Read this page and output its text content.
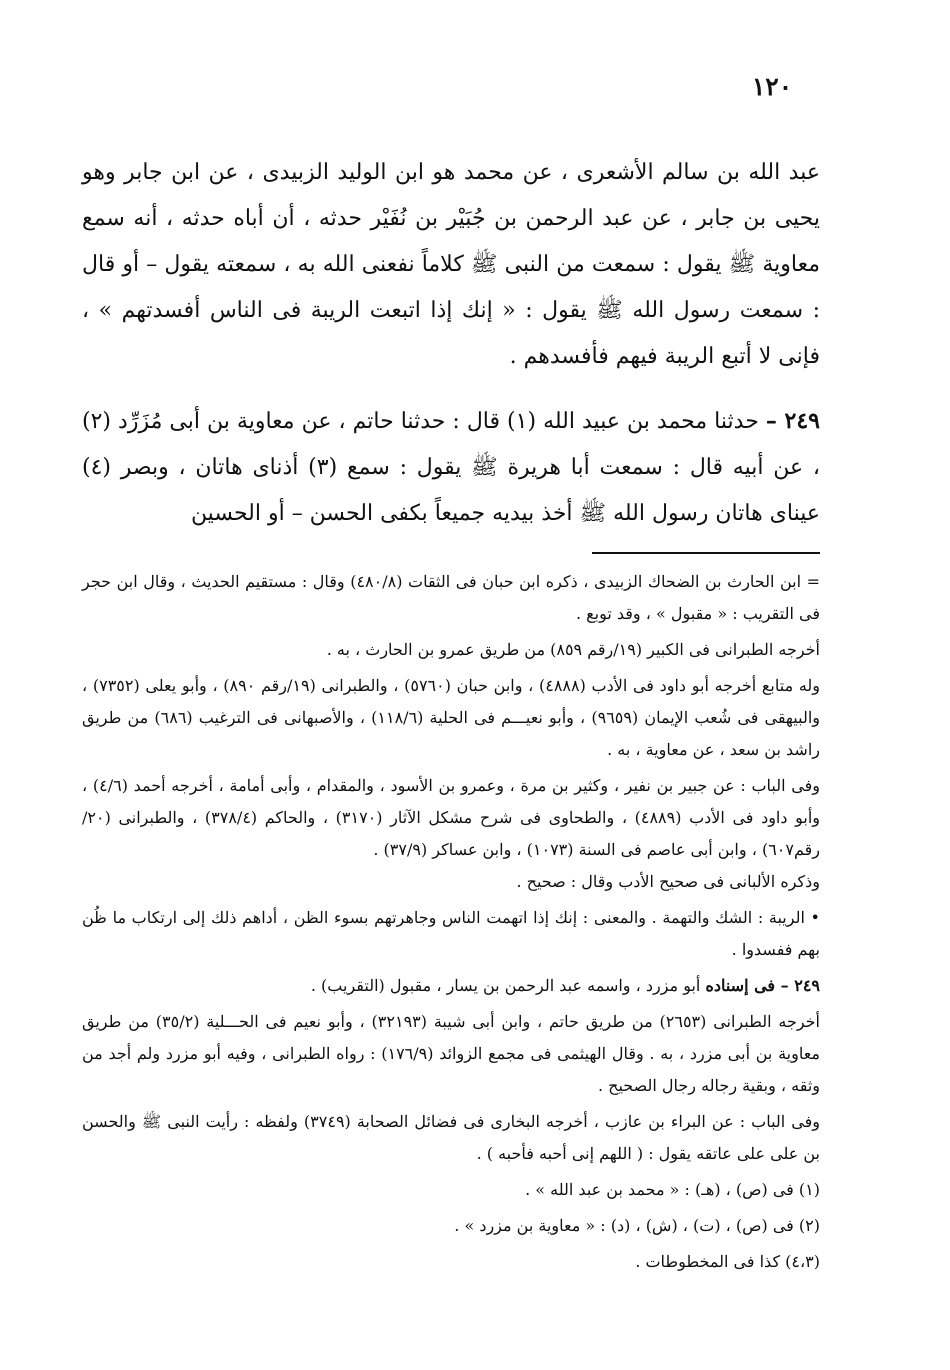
١٢٠

عبد الله بن سالم الأشعرى ، عن محمد هو ابن الوليد الزبيدى ، عن ابن جابر وهو يحيى بن جابر ، عن عبد الرحمن بن جُبَيْر بن نُفَيْر حدثه ، أن أباه حدثه ، أنه سمع معاوية ﷺ يقول : سمعت من النبى ﷺ كلاماً نفعنى الله به ، سمعته يقول – أو قال : سمعت رسول الله ﷺ يقول : « إنك إذا اتبعت الريبة فى الناس أفسدتهم » ، فإنى لا أتبع الريبة فيهم فأفسدهم .

٢٤٩ – حدثنا محمد بن عبيد الله (١) قال : حدثنا حاتم ، عن معاوية بن أبى مُزَرِّد (٢) ، عن أبيه قال : سمعت أبا هريرة ﷺ يقول : سمع (٣) أذناى هاتان ، وبصر (٤) عيناى هاتان رسول الله ﷺ أخذ بيديه جميعاً بكفى الحسن – أو الحسين

= ابن الحارث بن الضحاك الزبيدى ، ذكره ابن حبان فى الثقات (٤٨٠/٨) وقال : مستقيم الحديث ، وقال ابن حجر فى التقريب : « مقبول » ، وقد توبع .

أخرجه الطبرانى فى الكبير (١٩/رقم ٨٥٩) من طريق عمرو بن الحارث ، به .

وله متابع أخرجه أبو داود فى الأدب (٤٨٨٨) ، وابن حبان (٥٧٦٠) ، والطبرانى (١٩/رقم ٨٩٠) ، وأبو يعلى (٧٣٥٢) ، والبيهقى فى شُعب الإيمان (٩٦٥٩) ، وأبو نعيـــم فى الحلية (١١٨/٦) ، والأصبهانى فى الترغيب (٦٨٦) من طريق راشد بن سعد ، عن معاوية ، به .

وفى الباب : عن جبير بن نفير ، وكثير بن مرة ، وعمرو بن الأسود ، والمقدام ، وأبى أمامة ، أخرجه أحمد (٤/٦) ، وأبو داود فى الأدب (٤٨٨٩) ، والطحاوى فى شرح مشكل الآثار (٣١٧٠) ، والحاكم (٣٧٨/٤) ، والطبرانى (٢٠/رقم٦٠٧) ، وابن أبى عاصم فى السنة (١٠٧٣) ، وابن عساكر (٣٧/٩) .

وذكره الألبانى فى صحيح الأدب وقال : صحيح .

• الريبة : الشك والتهمة . والمعنى : إنك إذا اتهمت الناس وجاهرتهم بسوء الظن ، أداهم ذلك إلى ارتكاب ما ظُن بهم ففسدوا .

٢٤٩ – فى إسناده أبو مزرد ، واسمه عبد الرحمن بن يسار ، مقبول (التقريب) .

أخرجه الطبرانى (٢٦٥٣) من طريق حاتم ، وابن أبى شيبة (٣٢١٩٣) ، وأبو نعيم فى الحـــلية (٣٥/٢) من طريق معاوية بن أبى مزرد ، به . وقال الهيثمى فى مجمع الزوائد (١٧٦/٩) : رواه الطبرانى ، وفيه أبو مزرد ولم أجد من وثقه ، وبقية رجاله رجال الصحيح .

وفى الباب : عن البراء بن عازب ، أخرجه البخارى فى فضائل الصحابة (٣٧٤٩) ولفظه : رأيت النبى ﷺ والحسن بن على على عاتقه يقول : ( اللهم إنى أحبه فأحبه ) .

(١) فى (ص) ، (هـ) : « محمد بن عبد الله » .

(٢) فى (ص) ، (ت) ، (ش) ، (د) : « معاوية بن مزرد » .

(٤،٣) كذا فى المخطوطات .
